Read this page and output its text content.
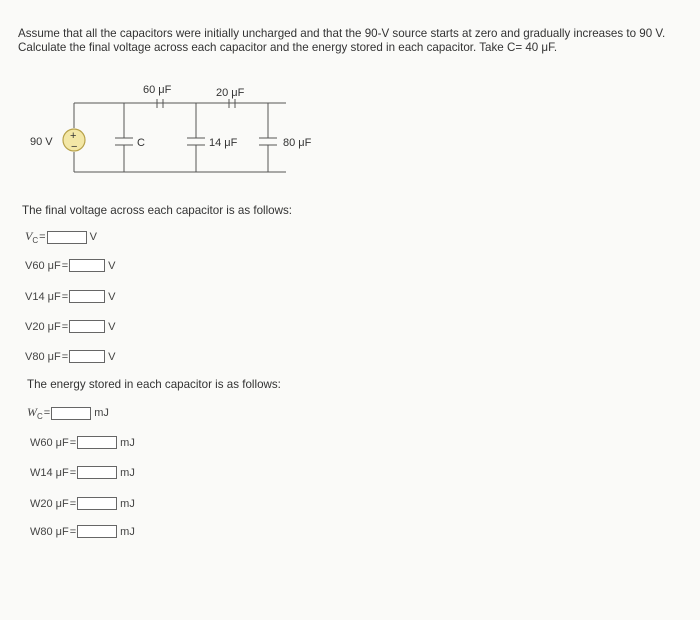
Assume that all the capacitors were initially uncharged and that the 90-V source starts at zero and gradually increases to 90 V.
Calculate the final voltage across each capacitor and the energy stored in each capacitor. Take C= 40 μF.
+
−
90 V	C
60 μF	20 μF
14 μF	80 μF
The final voltage across each capacitor is as follows:
$V_C$ =	V
V60 μF =	V
V14 μF =	V
V20 μF =	V
V80 μF =	V
The energy stored in each capacitor is as follows:
$W_C$ =	mJ
W60 μF =	mJ
W14 μF =	mJ
W20 μF =	mJ
W80 μF =	mJ
